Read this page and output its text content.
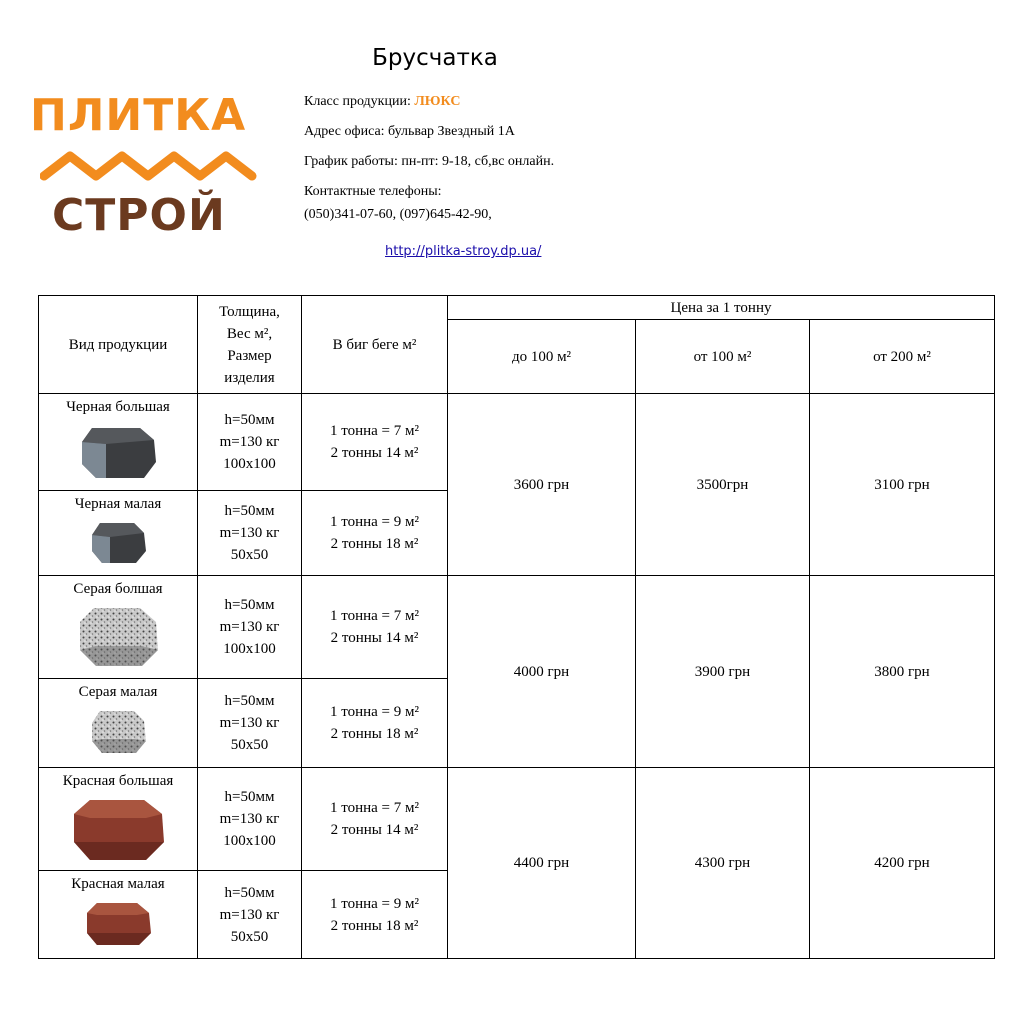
Брусчатка
ПЛИТКА
СТРОЙ
Класс продукции: ЛЮКС
Адрес офиса: бульвар Звездный 1А
График работы: пн-пт: 9-18, сб,вс онлайн.
Контактные телефоны:
(050)341-07-60, (097)645-42-90,
http://plitka-stroy.dp.ua/
Вид продукции	Толщина,
Вес м²,
Размер
изделия	В биг беге м²	Цена за 1 тонну		
			до 100 м²	от 100 м²	от 200 м²

Черная большая	h=50мм
m=130 кг
100x100	1 тонна = 7 м²
2 тонны 14 м²	3600 грн	3500грн	3100 грн

Черная малая	h=50мм
m=130 кг
50x50	1 тонна = 9 м²
2 тонны 18 м²			

Серая болшая	h=50мм
m=130 кг
100x100	1 тонна = 7 м²
2 тонны 14 м²	4000 грн	3900 грн	3800 грн

Серая малая	h=50мм
m=130 кг
50x50	1 тонна = 9 м²
2 тонны 18 м²			

Красная большая	h=50мм
m=130 кг
100x100	1 тонна = 7 м²
2 тонны 14 м²	4400 грн	4300 грн	4200 грн

Красная малая	h=50мм
m=130 кг
50x50	1 тонна = 9 м²
2 тонны 18 м²			
